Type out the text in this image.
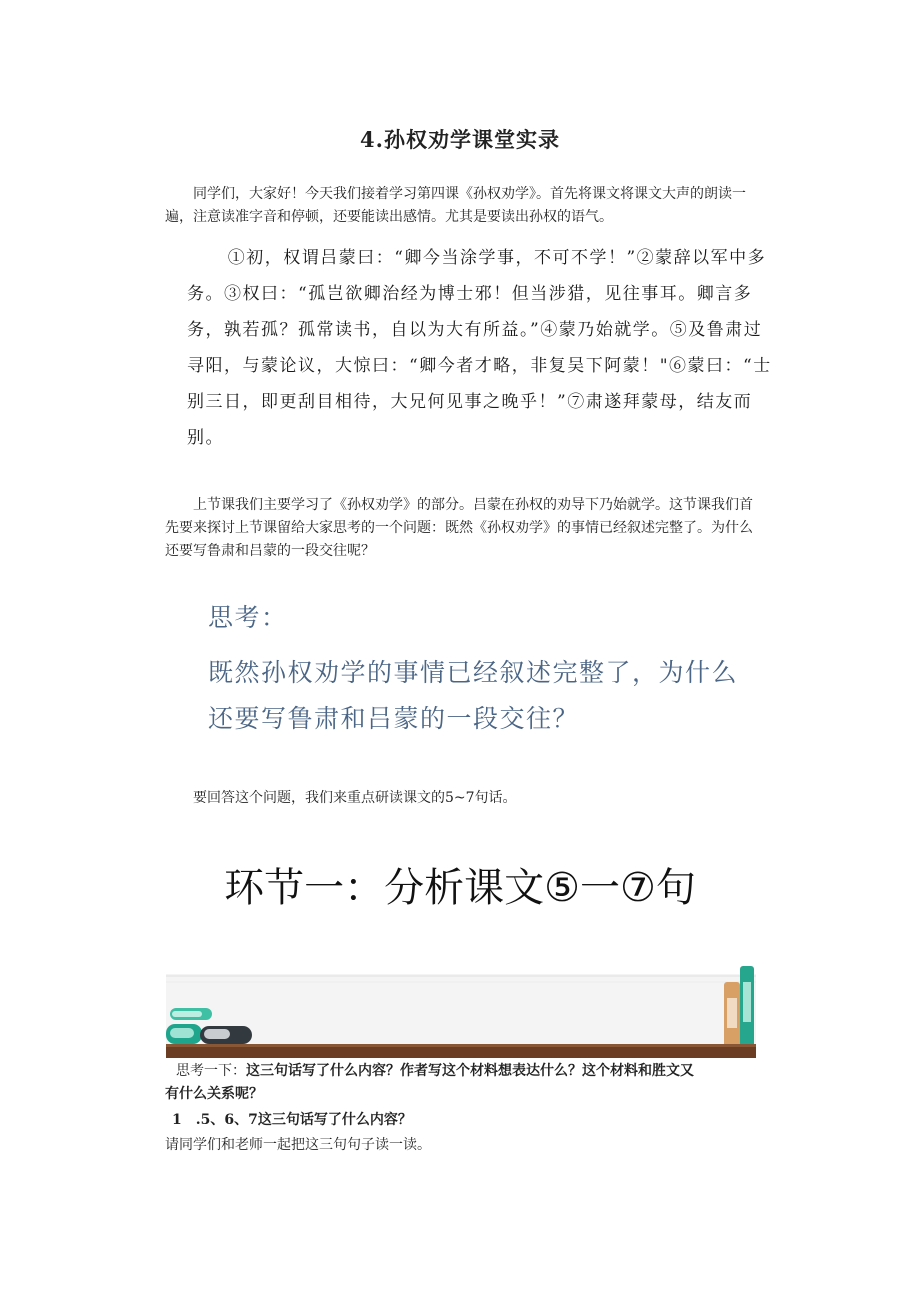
4.孙权劝学课堂实录
同学们，大家好！今天我们接着学习第四课《孙权劝学》。首先将课文将课文大声的朗读一遍，注意读准字音和停顿，还要能读出感情。尤其是要读出孙权的语气。
①初，权谓吕蒙曰：“卿今当涂学事，不可不学！”②蒙辞以军中多务。③权曰：“孤岂欲卿治经为博士邪！但当涉猎，见往事耳。卿言多务，孰若孤？孤常读书，自以为大有所益。”④蒙乃始就学。⑤及鲁肃过寻阳，与蒙论议，大惊曰：“卿今者才略，非复吴下阿蒙！"⑥蒙曰：“士别三日，即更刮目相待，大兄何见事之晚乎！”⑦肃遂拜蒙母，结友而别。
上节课我们主要学习了《孙权劝学》的部分。吕蒙在孙权的劝导下乃始就学。这节课我们首先要来探讨上节课留给大家思考的一个问题：既然《孙权劝学》的事情已经叙述完整了。为什么还要写鲁肃和吕蒙的一段交往呢？
思考：
既然孙权劝学的事情已经叙述完整了，为什么
还要写鲁肃和吕蒙的一段交往？
要回答这个问题，我们来重点研读课文的5~7句话。
环节一：分析课文⑤一⑦句
思考一下：这三句话写了什么内容？作者写这个材料想表达什么？这个材料和胜文又
有什么关系呢？
1 .5、6、7这三句话写了什么内容？
请同学们和老师一起把这三句句子读一读。
